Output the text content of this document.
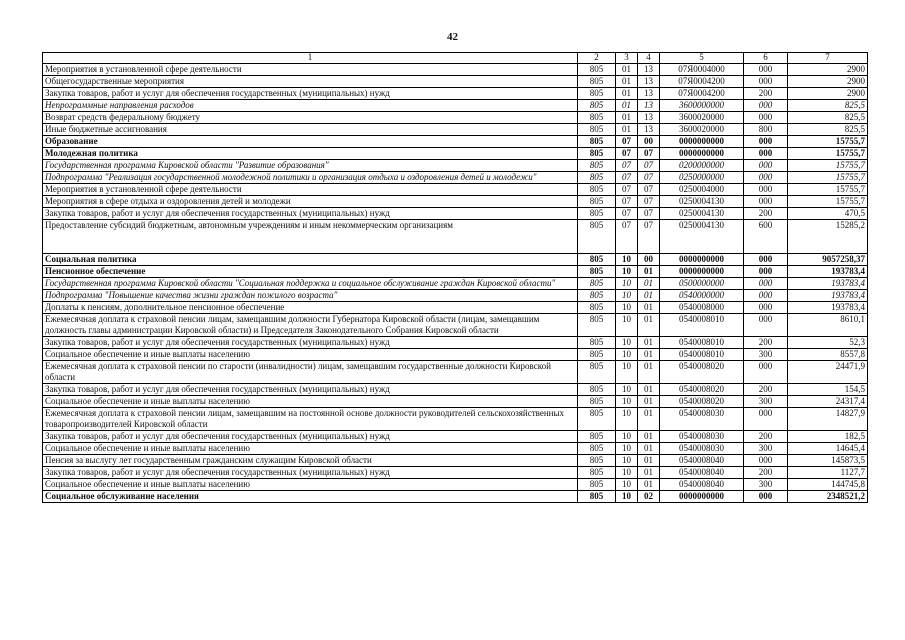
42
1	2	3	4	5	6	7
Мероприятия в установленной сфере деятельности	805	01	13	07Я0004000	000	2900
Общегосударственные мероприятия	805	01	13	07Я0004200	000	2900
Закупка товаров, работ и услуг для обеспечения государственных (муниципальных) нужд	805	01	13	07Я0004200	200	2900
Непрограммные направления расходов	805	01	13	3600000000	000	825,5
Возврат средств федеральному бюджету	805	01	13	3600020000	000	825,5
Иные бюджетные ассигнования	805	01	13	3600020000	800	825,5
Образование	805	07	00	0000000000	000	15755,7
Молодежная политика	805	07	07	0000000000	000	15755,7
Государственная программа Кировской области "Развитие образования"	805	07	07	0200000000	000	15755,7
Подпрограмма "Реализация государственной молодежной политики и организация отдыха и оздоровления детей и молодежи"	805	07	07	0250000000	000	15755,7
Мероприятия в установленной сфере деятельности	805	07	07	0250004000	000	15755,7
Мероприятия в сфере отдыха и оздоровления детей и молодежи	805	07	07	0250004130	000	15755,7
Закупка товаров, работ и услуг для обеспечения государственных (муниципальных) нужд	805	07	07	0250004130	200	470,5
Предоставление субсидий бюджетным, автономным учреждениям и иным некоммерческим организациям	805	07	07	0250004130	600	15285,2
Социальная политика	805	10	00	0000000000	000	9057258,37
Пенсионное обеспечение	805	10	01	0000000000	000	193783,4
Государственная программа Кировской области "Социальная поддержка и социальное обслуживание граждан Кировской области"	805	10	01	0500000000	000	193783,4
Подпрограмма "Повышение качества жизни граждан пожилого возраста"	805	10	01	0540000000	000	193783,4
Доплаты к пенсиям, дополнительное пенсионное обеспечение	805	10	01	0540008000	000	193783,4
Ежемесячная доплата к страховой пенсии лицам, замещавшим должности Губернатора Кировской области (лицам, замещавшим должность главы администрации Кировской области) и Председателя Законодательного Собрания Кировской области	805	10	01	0540008010	000	8610,1
Закупка товаров, работ и услуг для обеспечения государственных (муниципальных) нужд	805	10	01	0540008010	200	52,3
Социальное обеспечение и иные выплаты населению	805	10	01	0540008010	300	8557,8
Ежемесячная доплата к страховой пенсии по старости (инвалидности) лицам, замещавшим государственные должности Кировской области	805	10	01	0540008020	000	24471,9
Закупка товаров, работ и услуг для обеспечения государственных (муниципальных) нужд	805	10	01	0540008020	200	154,5
Социальное обеспечение и иные выплаты населению	805	10	01	0540008020	300	24317,4
Ежемесячная доплата к страховой пенсии лицам, замещавшим на постоянной основе должности руководителей сельскохозяйственных товаропроизводителей Кировской области	805	10	01	0540008030	000	14827,9
Закупка товаров, работ и услуг для обеспечения государственных (муниципальных) нужд	805	10	01	0540008030	200	182,5
Социальное обеспечение и иные выплаты населению	805	10	01	0540008030	300	14645,4
Пенсия за выслугу лет государственным гражданским служащим Кировской области	805	10	01	0540008040	000	145873,5
Закупка товаров, работ и услуг для обеспечения государственных (муниципальных) нужд	805	10	01	0540008040	200	1127,7
Социальное обеспечение и иные выплаты населению	805	10	01	0540008040	300	144745,8
Социальное обслуживание населения	805	10	02	0000000000	000	2348521,2
